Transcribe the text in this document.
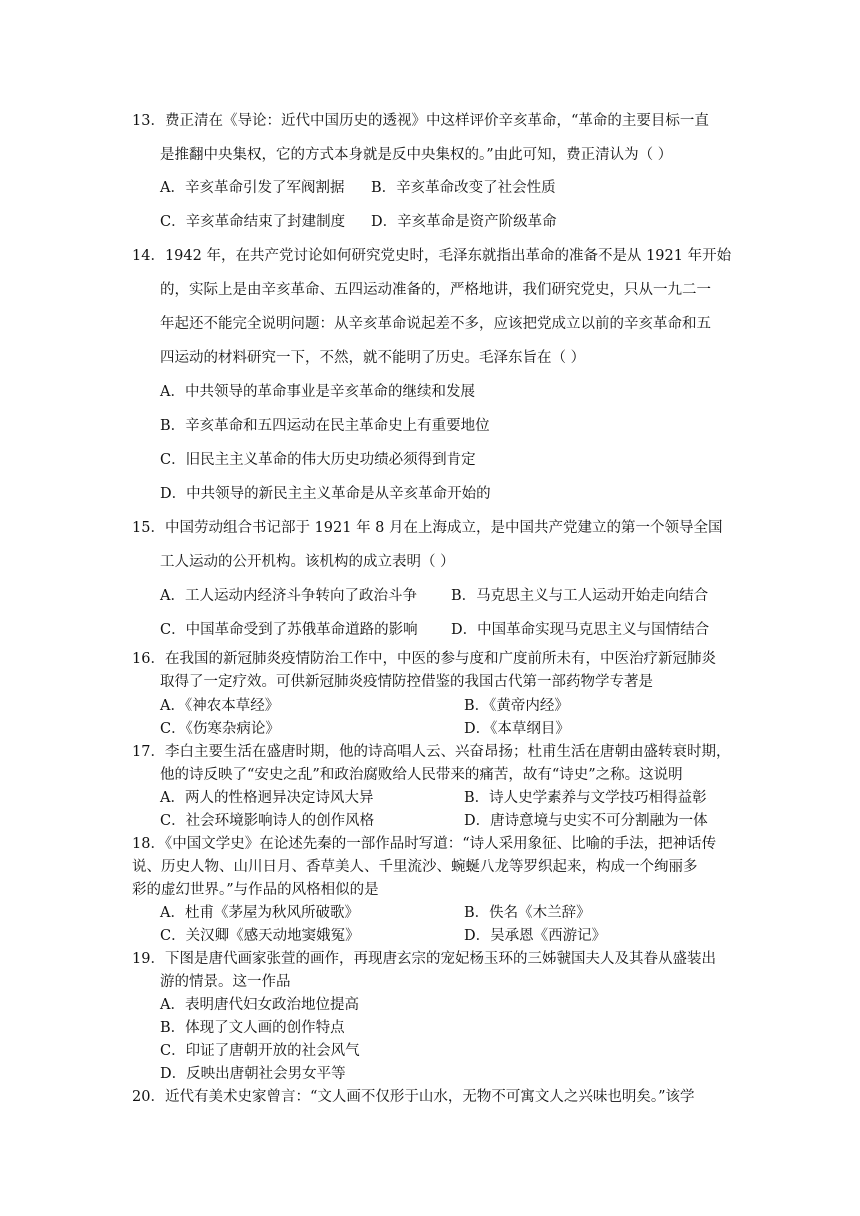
13．费正清在《导论：近代中国历史的透视》中这样评价辛亥革命，“革命的主要目标一直
是推翻中央集权，它的方式本身就是反中央集权的。”由此可知，费正清认为（ ）
A．辛亥革命引发了军阀割据 B．辛亥革命改变了社会性质
C．辛亥革命结束了封建制度 D．辛亥革命是资产阶级革命
14．1942 年，在共产党讨论如何研究党史时，毛泽东就指出革命的准备不是从 1921 年开始
的，实际上是由辛亥革命、五四运动准备的，严格地讲，我们研究党史，只从一九二一
年起还不能完全说明问题：从辛亥革命说起差不多，应该把党成立以前的辛亥革命和五
四运动的材料研究一下，不然，就不能明了历史。毛泽东旨在（ ）
A．中共领导的革命事业是辛亥革命的继续和发展
B．辛亥革命和五四运动在民主革命史上有重要地位
C．旧民主主义革命的伟大历史功绩必须得到肯定
D．中共领导的新民主主义革命是从辛亥革命开始的
15．中国劳动组合书记部于 1921 年 8 月在上海成立，是中国共产党建立的第一个领导全国
工人运动的公开机构。该机构的成立表明（ ）
A．工人运动内经济斗争转向了政治斗争 B．马克思主义与工人运动开始走向结合
C．中国革命受到了苏俄革命道路的影响 D．中国革命实现马克思主义与国情结合
16．在我国的新冠肺炎疫情防治工作中，中医的参与度和广度前所未有，中医治疗新冠肺炎
取得了一定疗效。可供新冠肺炎疫情防控借鉴的我国古代第一部药物学专著是
A．《神农本草经》	B．《黄帝内经》
C．《伤寒杂病论》	D．《本草纲目》
17．李白主要生活在盛唐时期，他的诗高唱人云、兴奋昂扬；杜甫生活在唐朝由盛转衰时期，
他的诗反映了“安史之乱”和政治腐败给人民带来的痛苦，故有“诗史”之称。这说明
A．两人的性格迥异决定诗风大异	B．诗人史学素养与文学技巧相得益彰
C．社会环境影响诗人的创作风格	D．唐诗意境与史实不可分割融为一体
18．《中国文学史》在论述先秦的一部作品时写道：“诗人采用象征、比喻的手法，把神话传
说、历史人物、山川日月、香草美人、千里流沙、蜿蜒八龙等罗织起来，构成一个绚丽多
彩的虚幻世界。”与作品的风格相似的是
A．杜甫《茅屋为秋风所破歌》	B．佚名《木兰辞》
C．关汉卿《感天动地窦娥冤》	D．吴承恩《西游记》
19．下图是唐代画家张萱的画作，再现唐玄宗的宠妃杨玉环的三姊虢国夫人及其眷从盛装出
游的情景。这一作品
A．表明唐代妇女政治地位提高
B．体现了文人画的创作特点
C．印证了唐朝开放的社会风气
D．反映出唐朝社会男女平等
20．近代有美术史家曾言：“文人画不仅形于山水，无物不可寓文人之兴味也明矣。”该学
